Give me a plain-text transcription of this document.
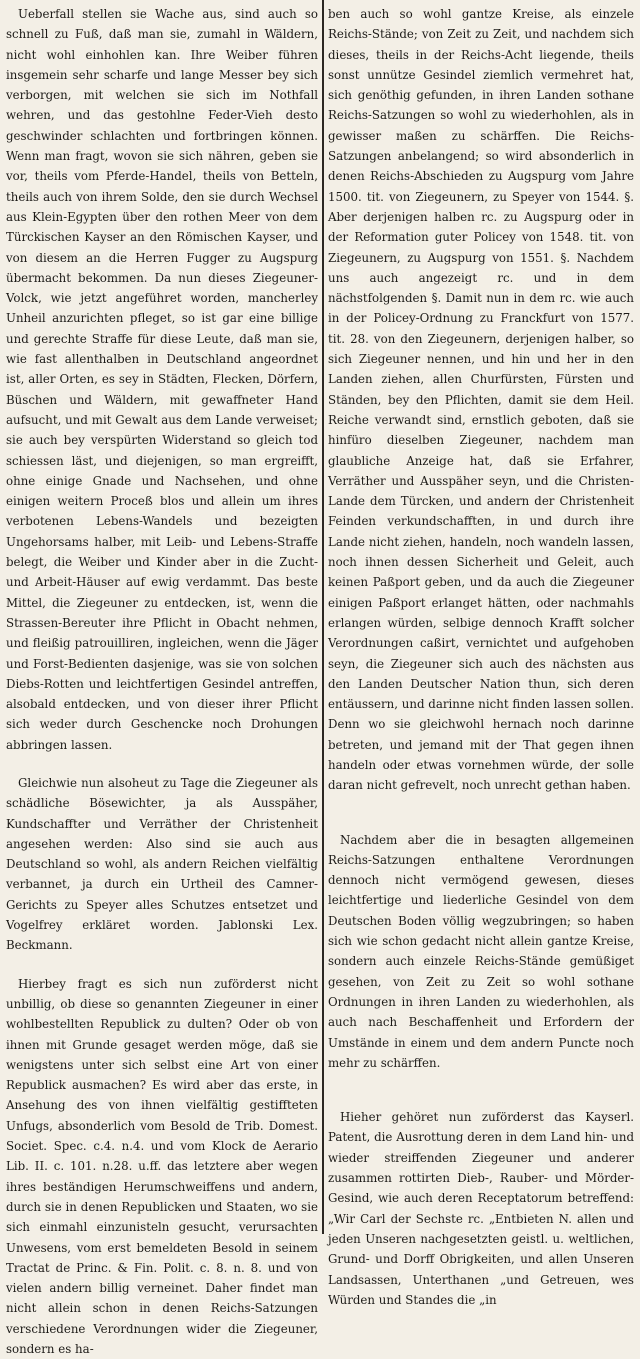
Ueberfall stellen sie Wache aus, sind auch so schnell zu Fuß, daß man sie, zumahl in Wäldern, nicht wohl einhohlen kan. Ihre Weiber führen insgemein sehr scharfe und lange Messer bey sich verborgen, mit welchen sie sich im Nothfall wehren, und das gestohlne Feder-Vieh desto geschwinder schlachten und fortbringen können. Wenn man fragt, wovon sie sich nähren, geben sie vor, theils vom Pferde-Handel, theils von Betteln, theils auch von ihrem Solde, den sie durch Wechsel aus Klein-Egypten über den rothen Meer von dem Türckischen Kayser an den Römischen Kayser, und von diesem an die Herren Fugger zu Augspurg übermacht bekommen. Da nun dieses Ziegeuner-Volck, wie jetzt angeführet worden, mancherley Unheil anzurichten pfleget, so ist gar eine billige und gerechte Straffe für diese Leute, daß man sie, wie fast allenthalben in Deutschland angeordnet ist, aller Orten, es sey in Städten, Flecken, Dörfern, Büschen und Wäldern, mit gewaffneter Hand aufsucht, und mit Gewalt aus dem Lande verweiset; sie auch bey verspürten Widerstand so gleich tod schiessen läst, und diejenigen, so man ergreifft, ohne einige Gnade und Nachsehen, und ohne einigen weitern Proceß blos und allein um ihres verbotenen Lebens-Wandels und bezeigten Ungehorsams halber, mit Leib- und Lebens-Straffe belegt, die Weiber und Kinder aber in die Zucht- und Arbeit-Häuser auf ewig verdammt. Das beste Mittel, die Ziegeuner zu entdecken, ist, wenn die Strassen-Bereuter ihre Pflicht in Obacht nehmen, und fleißig patrouilliren, ingleichen, wenn die Jäger und Forst-Bedienten dasjenige, was sie von solchen Diebs-Rotten und leichtfertigen Gesindel antreffen, alsobald entdecken, und von dieser ihrer Pflicht sich weder durch Geschencke noch Drohungen abbringen lassen.

Gleichwie nun alsoheut zu Tage die Ziegeuner als schädliche Bösewichter, ja als Ausspäher, Kundschaffter und Verräther der Christenheit angesehen werden: Also sind sie auch aus Deutschland so wohl, als andern Reichen vielfältig verbannet, ja durch ein Urtheil des Camner-Gerichts zu Speyer alles Schutzes entsetzet und Vogelfrey erkläret worden. Jablonski Lex. Beckmann.

Hierbey fragt es sich nun zuförderst nicht unbillig, ob diese so genannten Ziegeuner in einer wohlbestellten Republick zu dulten? Oder ob von ihnen mit Grunde gesaget werden möge, daß sie wenigstens unter sich selbst eine Art von einer Republick ausmachen? Es wird aber das erste, in Ansehung des von ihnen vielfältig gestiffteten Unfugs, absonderlich vom Besold de Trib. Domest. Societ. Spec. c.4. n.4. und vom Klock de Aerario Lib. II. c. 101. n.28. u.ff. das letztere aber wegen ihres beständigen Herumschweiffens und andern, durch sie in denen Republicken und Staaten, wo sie sich einmahl einzunisteln gesucht, verursachten Unwesens, vom erst bemeldeten Besold in seinem Tractat de Princ. & Fin. Polit. c. 8. n. 8. und von vielen andern billig verneinet. Daher findet man nicht allein schon in denen Reichs-Satzungen verschiedene Verordnungen wider die Ziegeuner, sondern es ha-

ben auch so wohl gantze Kreise, als einzele Reichs-Stände; von Zeit zu Zeit, und nachdem sich dieses, theils in der Reichs-Acht liegende, theils sonst unnütze Gesindel ziemlich vermehret hat, sich genöthig gefunden, in ihren Landen sothane Reichs-Satzungen so wohl zu wiederhohlen, als in gewisser maßen zu schärffen. Die Reichs-Satzungen anbelangend; so wird absonderlich in denen Reichs-Abschieden zu Augspurg vom Jahre 1500. tit. von Ziegeunern, zu Speyer von 1544. §. Aber derjenigen halben rc. zu Augspurg oder in der Reformation guter Policey von 1548. tit. von Ziegeunern, zu Augspurg von 1551. §. Nachdem uns auch angezeigt rc. und in dem nächstfolgenden §. Damit nun in dem rc. wie auch in der Policey-Ordnung zu Franckfurt von 1577. tit. 28. von den Ziegeunern, derjenigen halber, so sich Ziegeuner nennen, und hin und her in den Landen ziehen, allen Churfürsten, Fürsten und Ständen, bey den Pflichten, damit sie dem Heil. Reiche verwandt sind, ernstlich geboten, daß sie hinfüro dieselben Ziegeuner, nachdem man glaubliche Anzeige hat, daß sie Erfahrer, Verräther und Ausspäher seyn, und die Christen-Lande dem Türcken, und andern der Christenheit Feinden verkundschafften, in und durch ihre Lande nicht ziehen, handeln, noch wandeln lassen, noch ihnen dessen Sicherheit und Geleit, auch keinen Paßport geben, und da auch die Ziegeuner einigen Paßport erlanget hätten, oder nachmahls erlangen würden, selbige dennoch Krafft solcher Verordnungen caßirt, vernichtet und aufgehoben seyn, die Ziegeuner sich auch des nächsten aus den Landen Deutscher Nation thun, sich deren entäussern, und darinne nicht finden lassen sollen. Denn wo sie gleichwohl hernach noch darinne betreten, und jemand mit der That gegen ihnen handeln oder etwas vornehmen würde, der solle daran nicht gefrevelt, noch unrecht gethan haben.

Nachdem aber die in besagten allgemeinen Reichs-Satzungen enthaltene Verordnungen dennoch nicht vermögend gewesen, dieses leichtfertige und liederliche Gesindel von dem Deutschen Boden völlig wegzubringen; so haben sich wie schon gedacht nicht allein gantze Kreise, sondern auch einzele Reichs-Stände gemüßiget gesehen, von Zeit zu Zeit so wohl sothane Ordnungen in ihren Landen zu wiederhohlen, als auch nach Beschaffenheit und Erfordern der Umstände in einem und dem andern Puncte noch mehr zu schärffen.

Hieher gehöret nun zuförderst das Kayserl. Patent, die Ausrottung deren in dem Land hin- und wieder streiffenden Ziegeuner und anderer zusammen rottirten Dieb-, Rauber- und Mörder-Gesind, wie auch deren Receptatorum betreffend: „Wir Carl der Sechste rc. „Entbieten N. allen und jeden Unseren nachgesetzten geistl. u. weltlichen, Grund- und Dorff Obrigkeiten, und allen Unseren Landsassen, Unterthanen „und Getreuen, wes Würden und Standes die „in
